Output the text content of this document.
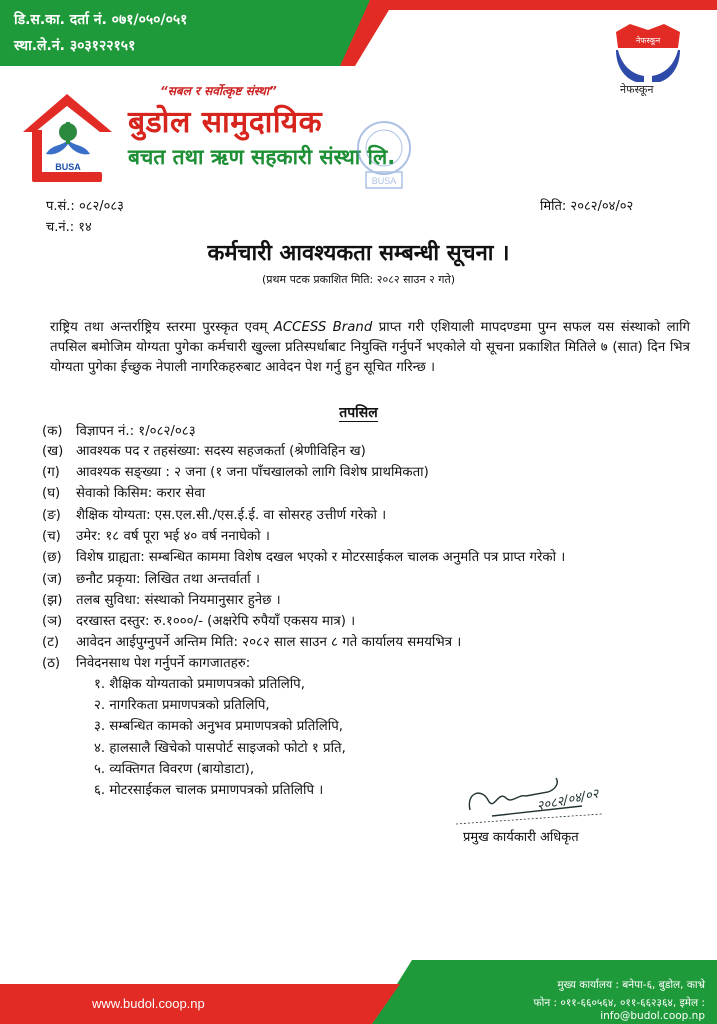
डि.स.का. दर्ता नं. ०७१/०५०/०५१
स्था.ले.नं. ३०३१२२१५१
BUSA
“सबल र सर्वोत्कृष्ट संस्था”
बुडोल सामुदायिक
बचत तथा ऋण सहकारी संस्था लि.
BUSA
नेफस्कून
नेफस्कून
प.सं.: ०८२/०८३
च.नं.: १४
मिति: २०८२/०४/०२
कर्मचारी आवश्यकता सम्बन्धी सूचना ।
(प्रथम पटक प्रकाशित मिति: २०८२ साउन २ गते)

राष्ट्रिय तथा अन्तर्राष्ट्रिय स्तरमा पुरस्कृत एवम् ACCESS Brand प्राप्त गरी एशियाली मापदण्डमा पुग्न सफल यस संस्थाको लागि तपसिल बमोजिम योग्यता पुगेका कर्मचारी खुल्ला प्रतिस्पर्धाबाट नियुक्ति गर्नुपर्ने भएकोले यो सूचना प्रकाशित मितिले ७ (सात) दिन भित्र योग्यता पुगेका ईच्छुक नेपाली नागरिकहरुबाट आवेदन पेश गर्नु हुन सूचित गरिन्छ ।

तपसिल
(क) विज्ञापन नं.: १/०८२/०८३
(ख) आवश्यक पद र तहसंख्या: सदस्य सहजकर्ता (श्रेणीविहिन ख)
(ग) आवश्यक सङ्ख्या : २ जना (१ जना पाँचखालको लागि विशेष प्राथमिकता)
(घ) सेवाको किसिम: करार सेवा
(ङ) शैक्षिक योग्यता: एस.एल.सी./एस.ई.ई. वा सोसरह उत्तीर्ण गरेको ।
(च) उमेर: १८ वर्ष पूरा भई ४० वर्ष ननाघेको ।
(छ) विशेष ग्राह्यता: सम्बन्धित काममा विशेष दखल भएको र मोटरसाईकल चालक अनुमति पत्र प्राप्त गरेको ।
(ज) छनौट प्रकृया: लिखित तथा अन्तर्वार्ता ।
(झ) तलब सुविधा: संस्थाको नियमानुसार हुनेछ ।
(ञ) दरखास्त दस्तुर: रु.१०००/- (अक्षरेपि रुपैयाँ एकसय मात्र) ।
(ट) आवेदन आईपुग्नुपर्ने अन्तिम मिति: २०८२ साल साउन ८ गते कार्यालय समयभित्र ।
(ठ) निवेदनसाथ पेश गर्नुपर्ने कागजातहरु:
१. शैक्षिक योग्यताको प्रमाणपत्रको प्रतिलिपि,
२. नागरिकता प्रमाणपत्रको प्रतिलिपि,
३. सम्बन्धित कामको अनुभव प्रमाणपत्रको प्रतिलिपि,
४. हालसालै खिचेको पासपोर्ट साइजको फोटो १ प्रति,
५. व्यक्तिगत विवरण (बायोडाटा),
६. मोटरसाईकल चालक प्रमाणपत्रको प्रतिलिपि ।	२०८२/०४/०२
प्रमुख कार्यकारी अधिकृत
www.budol.coop.np
मुख्य कार्यालय : बनेपा-६, बुडोल, काभ्रे
फोन : ०११-६६०५६४, ०११-६६२३६४, इमेल : info@budol.coop.np
